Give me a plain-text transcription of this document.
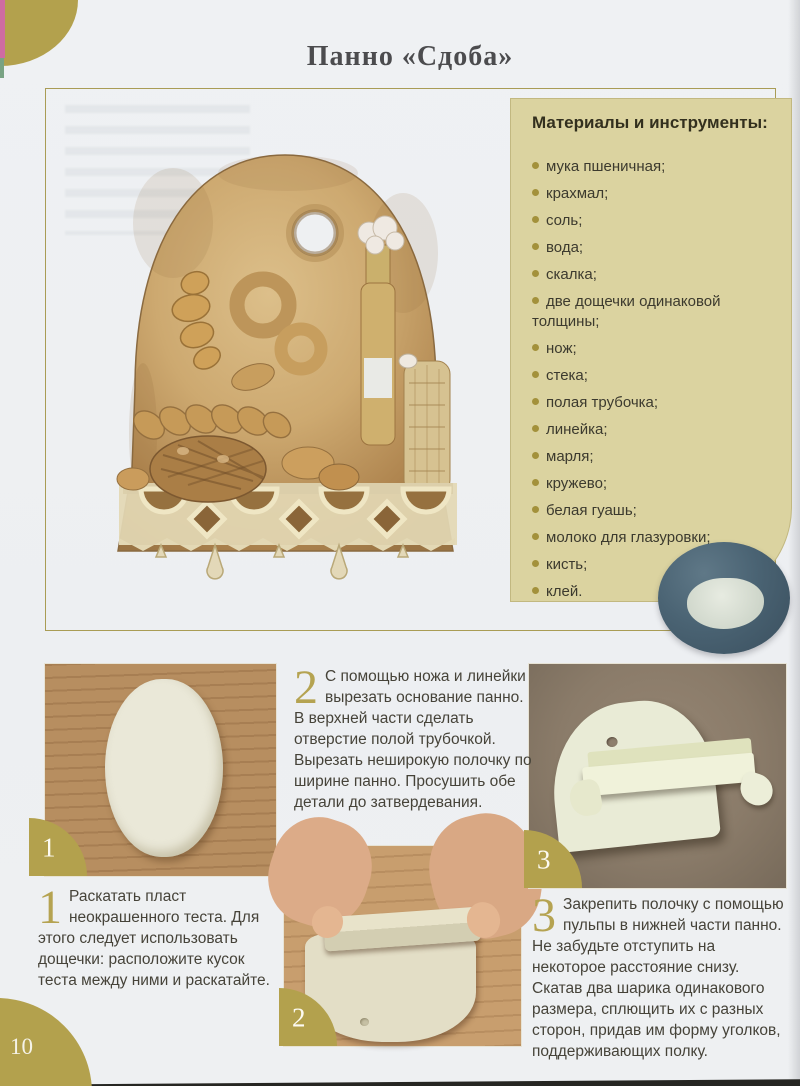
Панно «Сдоба»
Материалы и инструменты:
мука пшеничная;
крахмал;
соль;
вода;
скалка;
две дощечки одинаковой толщины;
нож;
стека;
полая трубочка;
линейка;
марля;
кружево;
белая гуашь;
молоко для глазуровки;
кисть;
клей.
1
2
3
1 Раскатать пласт неокрашенного теста. Для этого следует использовать дощечки: расположите кусок теста между ними и раскатайте.

2 С помощью ножа и линейки вырезать основание панно. В верхней части сделать отверстие полой трубочкой. Вырезать неширокую полочку по ширине панно. Просушить обе детали до затвердевания.

3 Закрепить полочку с помощью пульпы в нижней части панно. Не забудьте отступить на некоторое расстояние снизу. Скатав два шарика одинакового размера, сплющить их с разных сторон, придав им форму уголков, поддерживающих полку.

10
